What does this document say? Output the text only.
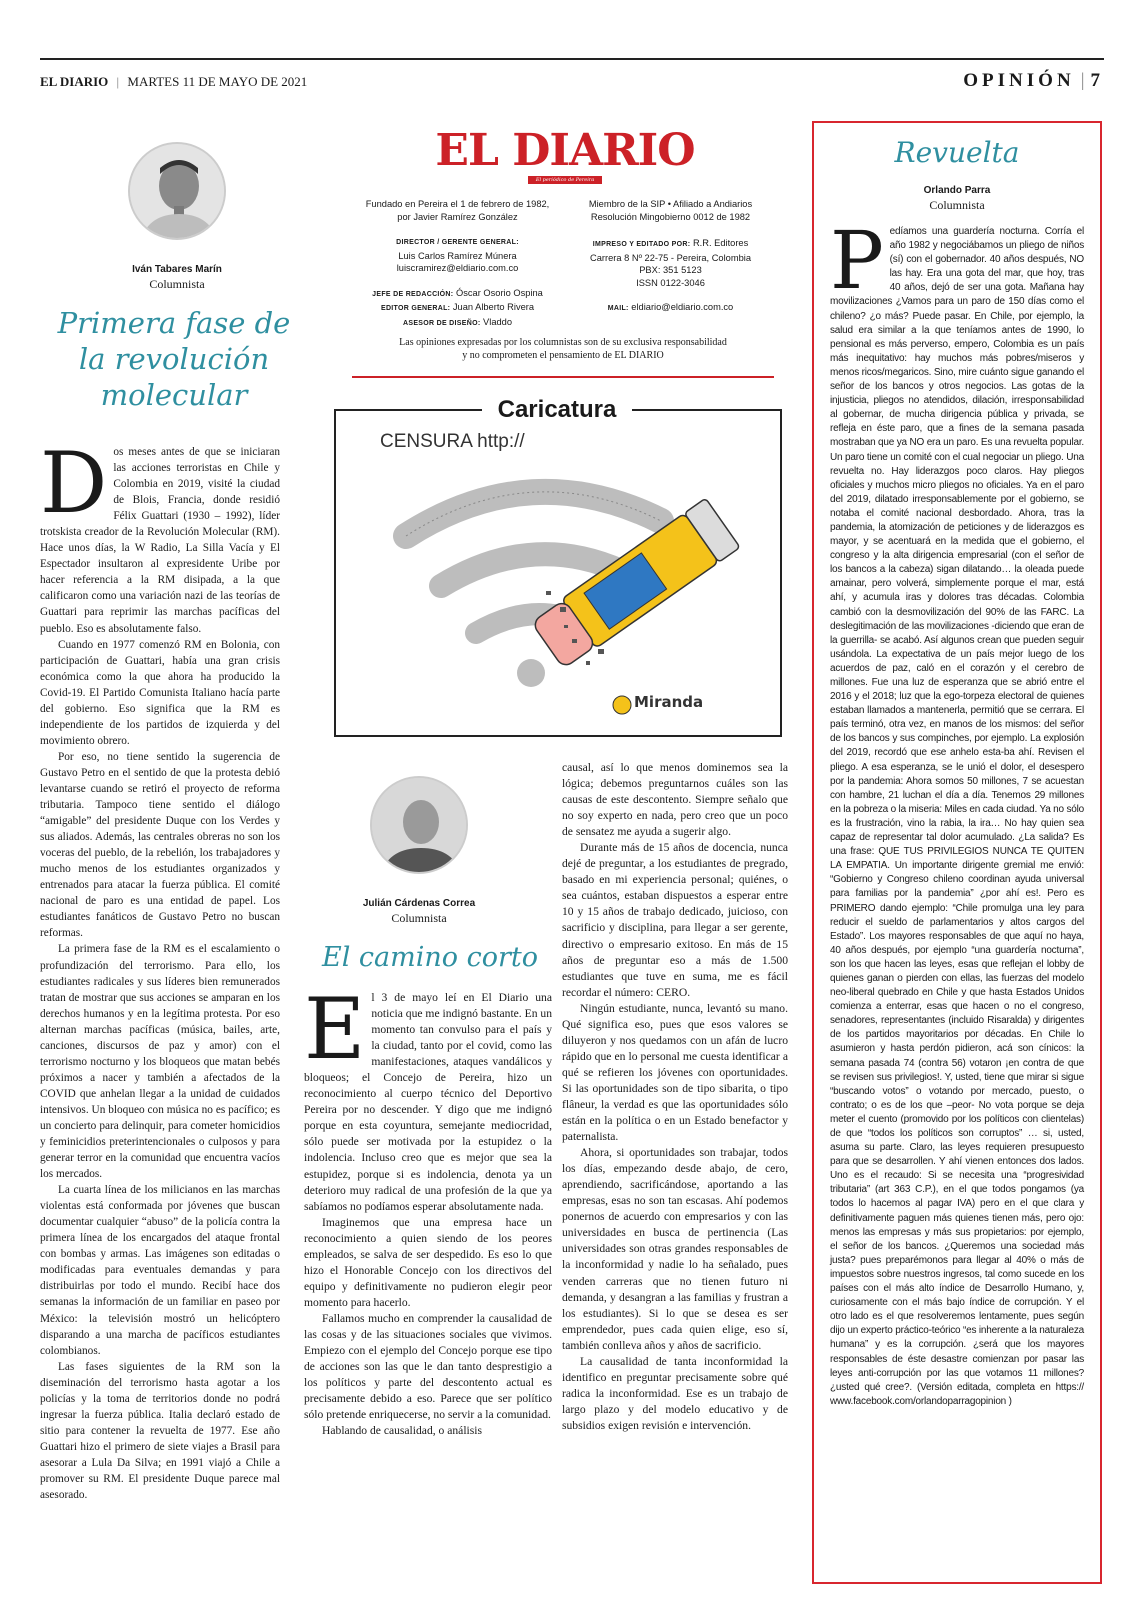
EL DIARIO | MARTES 11 DE MAYO DE 2021	OPINIÓN | 7
Iván Tabares Marín
Columnista
Primera fase de la revolución molecular

Dos meses antes de que se iniciaran las acciones terroristas en Chile y Colombia en 2019, visité la ciudad de Blois, Francia, donde residió Félix Guattari (1930 – 1992), líder trotskista creador de la Revolución Molecular (RM). Hace unos días, la W Radio, La Silla Vacía y El Espectador insultaron al expresidente Uribe por hacer referencia a la RM disipada, a la que calificaron como una variación nazi de las teorías de Guattari para reprimir las marchas pacíficas del pueblo. Eso es absolutamente falso.

Cuando en 1977 comenzó RM en Bolonia, con participación de Guattari, había una gran crisis económica como la que ahora ha producido la Covid-19. El Partido Comunista Italiano hacía parte del gobierno. Eso significa que la RM es independiente de los partidos de izquierda y del movimiento obrero.

Por eso, no tiene sentido la sugerencia de Gustavo Petro en el sentido de que la protesta debió levantarse cuando se retiró el proyecto de reforma tributaria. Tampoco tiene sentido el diálogo “amigable” del presidente Duque con los Verdes y sus aliados. Además, las centrales obreras no son los voceras del pueblo, de la rebelión, los trabajadores y mucho menos de los estudiantes organizados y entrenados para atacar la fuerza pública. El comité nacional de paro es una entidad de papel. Los estudiantes fanáticos de Gustavo Petro no buscan reformas.

La primera fase de la RM es el escalamiento o profundización del terrorismo. Para ello, los estudiantes radicales y sus líderes bien remunerados tratan de mostrar que sus acciones se amparan en los derechos humanos y en la legítima protesta. Por eso alternan marchas pacíficas (música, bailes, arte, canciones, discursos de paz y amor) con el terrorismo nocturno y los bloqueos que matan bebés próximos a nacer y también a afectados de la COVID que anhelan llegar a la unidad de cuidados intensivos. Un bloqueo con música no es pacífico; es un concierto para delinquir, para cometer homicidios y feminicidios preterintencionales o culposos y para generar terror en la comunidad que encuentra vacíos los mercados.

La cuarta línea de los milicianos en las marchas violentas está conformada por jóvenes que buscan documentar cualquier “abuso” de la policía contra la primera línea de los encargados del ataque frontal con bombas y armas. Las imágenes son editadas o modificadas para eventuales demandas y para distribuirlas por todo el mundo. Recibí hace dos semanas la información de un familiar en paseo por México: la televisión mostró un helicóptero disparando a una marcha de pacíficos estudiantes colombianos.

Las fases siguientes de la RM son la diseminación del terrorismo hasta agotar a los policías y la toma de territorios donde no podrá ingresar la fuerza pública. Italia declaró estado de sitio para contener la revuelta de 1977. Ese año Guattari hizo el primero de siete viajes a Brasil para asesorar a Lula Da Silva; en 1991 viajó a Chile a promover su RM. El presidente Duque parece mal asesorado.

EL DIARIO
El periódico de Pereira
Fundado en Pereira el 1 de febrero de 1982,
por Javier Ramírez González
DIRECTOR / GERENTE GENERAL:
Luis Carlos Ramírez Múnera
luiscramirez@eldiario.com.co
JEFE DE REDACCIÓN: Óscar Osorio Ospina
EDITOR GENERAL: Juan Alberto Rivera
ASESOR DE DISEÑO: Vladdo
Miembro de la SIP • Afiliado a Andiarios
Resolución Mingobierno 0012 de 1982
IMPRESO Y EDITADO POR: R.R. Editores
Carrera 8 Nº 22-75 - Pereira, Colombia
PBX: 351 5123
ISSN 0122-3046
MAIL: eldiario@eldiario.com.co
Las opiniones expresadas por los columnistas son de su exclusiva responsabilidad
y no comprometen el pensamiento de EL DIARIO
CENSURA http://
Miranda
Caricatura
Julián Cárdenas Correa
Columnista
El camino corto

El 3 de mayo leí en El Diario una noticia que me indignó bastante. En un momento tan convulso para el país y la ciudad, tanto por el covid, como las manifestaciones, ataques vandálicos y bloqueos; el Concejo de Pereira, hizo un reconocimiento al cuerpo técnico del Deportivo Pereira por no descender. Y digo que me indignó porque en esta coyuntura, semejante mediocridad, sólo puede ser motivada por la estupidez o la indolencia. Incluso creo que es mejor que sea la estupidez, porque si es indolencia, denota ya un deterioro muy radical de una profesión de la que ya sabíamos no podíamos esperar absolutamente nada.

Imaginemos que una empresa hace un reconocimiento a quien siendo de los peores empleados, se salva de ser despedido. Es eso lo que hizo el Honorable Concejo con los directivos del equipo y definitivamente no pudieron elegir peor momento para hacerlo.

Fallamos mucho en comprender la causalidad de las cosas y de las situaciones sociales que vivimos. Empiezo con el ejemplo del Concejo porque ese tipo de acciones son las que le dan tanto desprestigio a los políticos y parte del descontento actual es precisamente debido a eso. Parece que ser político sólo pretende enriquecerse, no servir a la comunidad.

Hablando de causalidad, o análisis

causal, así lo que menos dominemos sea la lógica; debemos preguntarnos cuáles son las causas de este descontento. Siempre señalo que no soy experto en nada, pero creo que un poco de sensatez me ayuda a sugerir algo.

Durante más de 15 años de docencia, nunca dejé de preguntar, a los estudiantes de pregrado, basado en mi experiencia personal; quiénes, o sea cuántos, estaban dispuestos a esperar entre 10 y 15 años de trabajo dedicado, juicioso, con sacrificio y disciplina, para llegar a ser gerente, directivo o empresario exitoso. En más de 15 años de preguntar eso a más de 1.500 estudiantes que tuve en suma, me es fácil recordar el número: CERO.

Ningún estudiante, nunca, levantó su mano. Qué significa eso, pues que esos valores se diluyeron y nos quedamos con un afán de lucro rápido que en lo personal me cuesta identificar a qué se refieren los jóvenes con oportunidades. Si las oportunidades son de tipo sibarita, o tipo flâneur, la verdad es que las oportunidades sólo están en la política o en un Estado benefactor y paternalista.

Ahora, si oportunidades son trabajar, todos los días, empezando desde abajo, de cero, aprendiendo, sacrificándose, aportando a las empresas, esas no son tan escasas. Ahí podemos ponernos de acuerdo con empresarios y con las universidades en busca de pertinencia (Las universidades son otras grandes responsables de la inconformidad y nadie lo ha señalado, pues venden carreras que no tienen futuro ni demanda, y desangran a las familias y frustran a los estudiantes). Si lo que se desea es ser emprendedor, pues cada quien elige, eso sí, también conlleva años y años de sacrificio.

La causalidad de tanta inconformidad la identifico en preguntar precisamente sobre qué radica la inconformidad. Ese es un trabajo de largo plazo y del modelo educativo y de subsidios exigen revisión e intervención.

Revuelta
Orlando Parra
Columnista

Pedíamos una guardería nocturna. Corría el año 1982 y negociábamos un pliego de niños (sí) con el gobernador. 40 años después, NO las hay. Era una gota del mar, que hoy, tras 40 años, dejó de ser una gota. Mañana hay movilizaciones ¿Vamos para un paro de 150 días como el chileno? ¿o más? Puede pasar. En Chile, por ejemplo, la salud era similar a la que teníamos antes de 1990, lo pensional es más perverso, empero, Colombia es un país más inequitativo: hay muchos más pobres/miseros y menos ricos/megaricos. Sino, mire cuánto sigue ganando el señor de los bancos y otros negocios. Las gotas de la injusticia, pliegos no atendidos, dilación, irresponsabilidad al gobernar, de mucha dirigencia pública y privada, se refleja en éste paro, que a fines de la semana pasada mostraban que ya NO era un paro. Es una revuelta popular. Un paro tiene un comité con el cual negociar un pliego. Una revuelta no. Hay liderazgos poco claros. Hay pliegos oficiales y muchos micro pliegos no oficiales. Ya en el paro del 2019, dilatado irresponsablemente por el gobierno, se notaba el comité nacional desbordado. Ahora, tras la pandemia, la atomización de peticiones y de liderazgos es mayor, y se acentuará en la medida que el gobierno, el congreso y la alta dirigencia empresarial (con el señor de los bancos a la cabeza) sigan dilatando… la oleada puede amainar, pero volverá, simplemente porque el mar, está ahí, y acumula iras y dolores tras décadas. Colombia cambió con la desmovilización del 90% de las FARC. La deslegitimación de las movilizaciones -diciendo que eran de la guerrilla- se acabó. Así algunos crean que pueden seguir usándola. La expectativa de un país mejor luego de los acuerdos de paz, caló en el corazón y el cerebro de millones. Fue una luz de esperanza que se abrió entre el 2016 y el 2018; luz que la ego-torpeza electoral de quienes estaban llamados a mantenerla, permitió que se cerrara. El país terminó, otra vez, en manos de los mismos: del señor de los bancos y sus compinches, por ejemplo. La explosión del 2019, recordó que ese anhelo esta-ba ahí. Revisen el pliego. A esa esperanza, se le unió el dolor, el desespero por la pandemia: Ahora somos 50 millones, 7 se acuestan con hambre, 21 luchan el día a día. Tenemos 29 millones en la pobreza o la miseria: Miles en cada ciudad. Ya no sólo es la frustración, vino la rabia, la ira… No hay quien sea capaz de representar tal dolor acumulado. ¿La salida? Es una frase: QUE TUS PRIVILEGIOS NUNCA TE QUITEN LA EMPATIA. Un importante dirigente gremial me envió: “Gobierno y Congreso chileno coordinan ayuda universal para familias por la pandemia” ¿por ahí es!. Pero es PRIMERO dando ejemplo: “Chile promulga una ley para reducir el sueldo de parlamentarios y altos cargos del Estado”. Los mayores responsables de que aquí no haya, 40 años después, por ejemplo “una guardería nocturna”, son los que hacen las leyes, esas que reflejan el lobby de quienes ganan o pierden con ellas, las fuerzas del modelo neo-liberal quebrado en Chile y que hasta Estados Unidos comienza a enterrar, esas que hacen o no el congreso, senadores, representantes (incluido Risaralda) y dirigentes de los partidos mayoritarios por décadas. En Chile lo asumieron y hasta perdón pidieron, acá son cínicos: la semana pasada 74 (contra 56) votaron ¡en contra de que se revisen sus privilegios!. Y, usted, tiene que mirar si sigue “buscando votos” o votando por mercado, puesto, o contrato; o es de los que –peor- No vota porque se deja meter el cuento (promovido por los políticos con clientelas) de que “todos los políticos son corruptos” … si, usted, asuma su parte. Claro, las leyes requieren presupuesto para que se desarrollen. Y ahí vienen entonces dos lados. Uno es el recaudo: Si se necesita una “progresividad tributaria” (art 363 C.P.), en el que todos pongamos (ya todos lo hacemos al pagar IVA) pero en el que clara y definitivamente paguen más quienes tienen más, pero ojo: menos las empresas y más sus propietarios: por ejemplo, el señor de los bancos. ¿Queremos una sociedad más justa? pues preparémonos para llegar al 40% o más de impuestos sobre nuestros ingresos, tal como sucede en los países con el más alto índice de Desarrollo Humano, y, curiosamente con el más bajo índice de corrupción. Y el otro lado es el que resolveremos lentamente, pues según dijo un experto práctico-teórico “es inherente a la naturaleza humana” y es la corrupción. ¿será que los mayores responsables de éste desastre comienzan por pasar las leyes anti-corrupción por las que votamos 11 millones? ¿usted qué cree?. (Versión editada, completa en https:// www.facebook.com/orlandoparragopinion )
